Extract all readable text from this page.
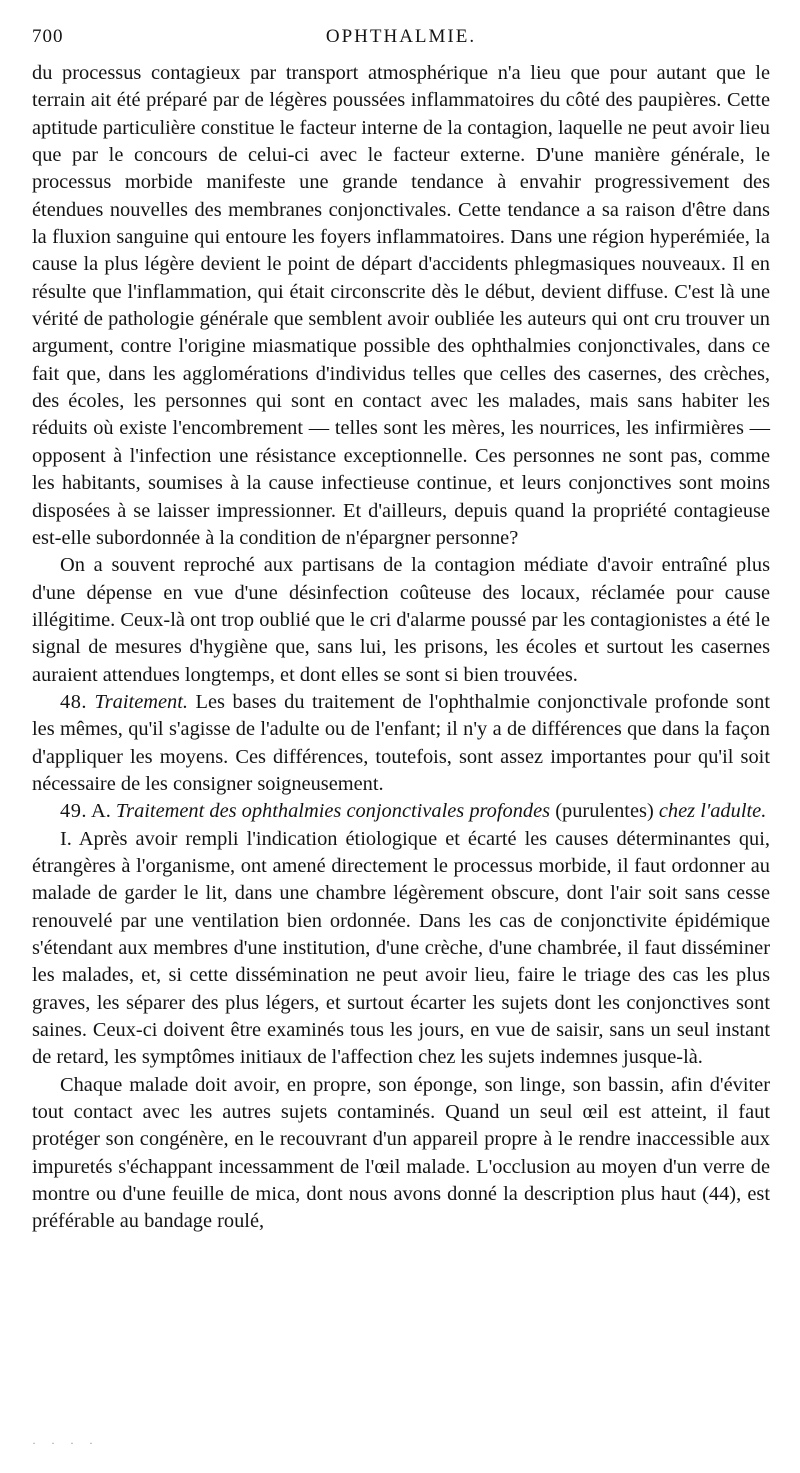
700	OPHTHALMIE.

du processus contagieux par transport atmosphérique n'a lieu que pour autant que le terrain ait été préparé par de légères poussées inflammatoires du côté des paupières. Cette aptitude particulière constitue le facteur interne de la contagion, laquelle ne peut avoir lieu que par le concours de celui-ci avec le facteur externe. D'une manière générale, le processus morbide manifeste une grande tendance à envahir progressivement des étendues nouvelles des membranes conjonctivales. Cette tendance a sa raison d'être dans la fluxion sanguine qui entoure les foyers inflammatoires. Dans une région hyperémiée, la cause la plus légère devient le point de départ d'accidents phlegmasiques nouveaux. Il en résulte que l'inflammation, qui était circonscrite dès le début, devient diffuse. C'est là une vérité de pathologie générale que semblent avoir oubliée les auteurs qui ont cru trouver un argument, contre l'origine miasmatique possible des ophthalmies conjonctivales, dans ce fait que, dans les agglomérations d'individus telles que celles des casernes, des crèches, des écoles, les personnes qui sont en contact avec les malades, mais sans habiter les réduits où existe l'encombrement — telles sont les mères, les nourrices, les infirmières — opposent à l'infection une résistance exceptionnelle. Ces personnes ne sont pas, comme les habitants, soumises à la cause infectieuse continue, et leurs conjonctives sont moins disposées à se laisser impressionner. Et d'ailleurs, depuis quand la propriété contagieuse est-elle subordonnée à la condition de n'épargner personne?

On a souvent reproché aux partisans de la contagion médiate d'avoir entraîné plus d'une dépense en vue d'une désinfection coûteuse des locaux, réclamée pour cause illégitime. Ceux-là ont trop oublié que le cri d'alarme poussé par les contagionistes a été le signal de mesures d'hygiène que, sans lui, les prisons, les écoles et surtout les casernes auraient attendues longtemps, et dont elles se sont si bien trouvées.

48. Traitement. Les bases du traitement de l'ophthalmie conjonctivale profonde sont les mêmes, qu'il s'agisse de l'adulte ou de l'enfant; il n'y a de différences que dans la façon d'appliquer les moyens. Ces différences, toutefois, sont assez importantes pour qu'il soit nécessaire de les consigner soigneusement.

49. A. Traitement des ophthalmies conjonctivales profondes (purulentes) chez l'adulte.

I. Après avoir rempli l'indication étiologique et écarté les causes déterminantes qui, étrangères à l'organisme, ont amené directement le processus morbide, il faut ordonner au malade de garder le lit, dans une chambre légèrement obscure, dont l'air soit sans cesse renouvelé par une ventilation bien ordonnée. Dans les cas de conjonctivite épidémique s'étendant aux membres d'une institution, d'une crèche, d'une chambrée, il faut disséminer les malades, et, si cette dissémination ne peut avoir lieu, faire le triage des cas les plus graves, les séparer des plus légers, et surtout écarter les sujets dont les conjonctives sont saines. Ceux-ci doivent être examinés tous les jours, en vue de saisir, sans un seul instant de retard, les symptômes initiaux de l'affection chez les sujets indemnes jusque-là.

Chaque malade doit avoir, en propre, son éponge, son linge, son bassin, afin d'éviter tout contact avec les autres sujets contaminés. Quand un seul œil est atteint, il faut protéger son congénère, en le recouvrant d'un appareil propre à le rendre inaccessible aux impuretés s'échappant incessamment de l'œil malade. L'occlusion au moyen d'un verre de montre ou d'une feuille de mica, dont nous avons donné la description plus haut (44), est préférable au bandage roulé,

· · · ·
